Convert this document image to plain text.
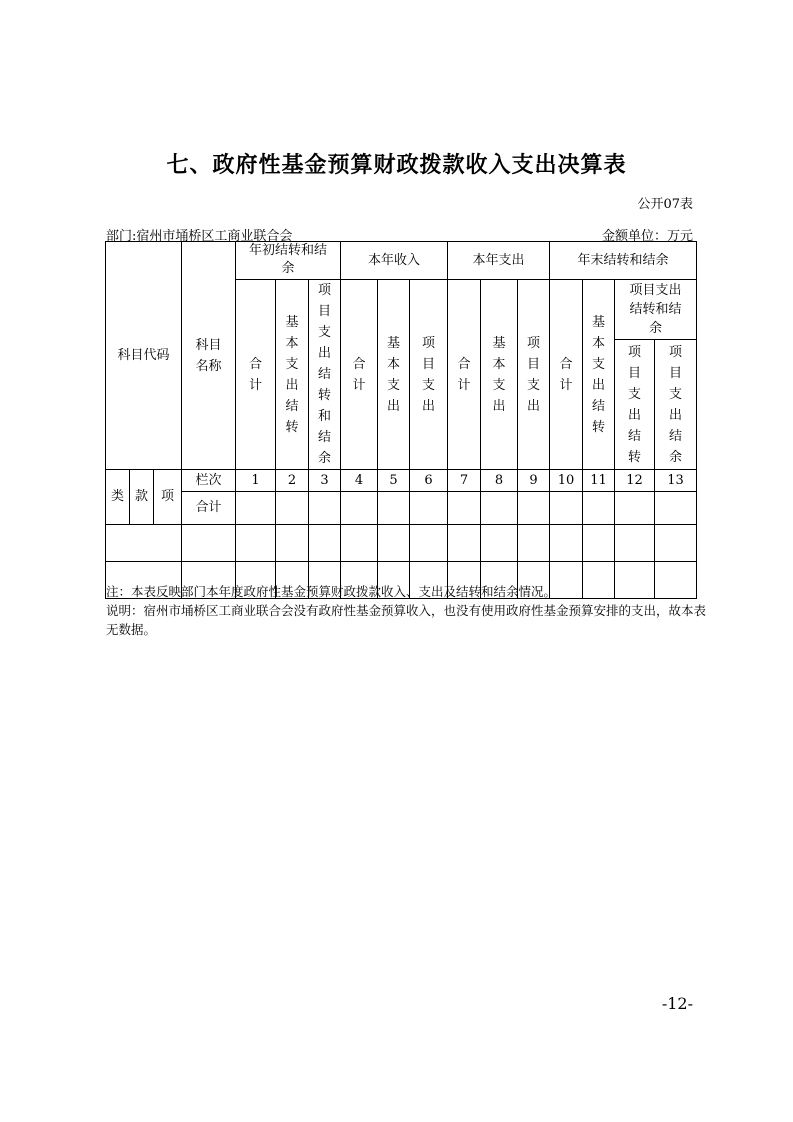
七、政府性基金预算财政拨款收入支出决算表
公开07表
部门:宿州市埇桥区工商业联合会	金额单位：万元
科目代码			科目名称	年初结转和结余			本年收入			本年支出			年末结转和结余			
				合计	基本支出结转	项目支出结转和结余	合计	基本支出	项目支出	合计	基本支出	项目支出	合计	基本支出结转	项目支出结转和结余	
															项目支出结转	项目支出结余
类	款	项	栏次	1	2	3	4	5	6	7	8	9	10	11	12	13
			合计													

注：本表反映部门本年度政府性基金预算财政拨款收入、支出及结转和结余情况。
说明：宿州市埇桥区工商业联合会没有政府性基金预算收入，也没有使用政府性基金预算安排的支出，故本表无数据。
-12-
